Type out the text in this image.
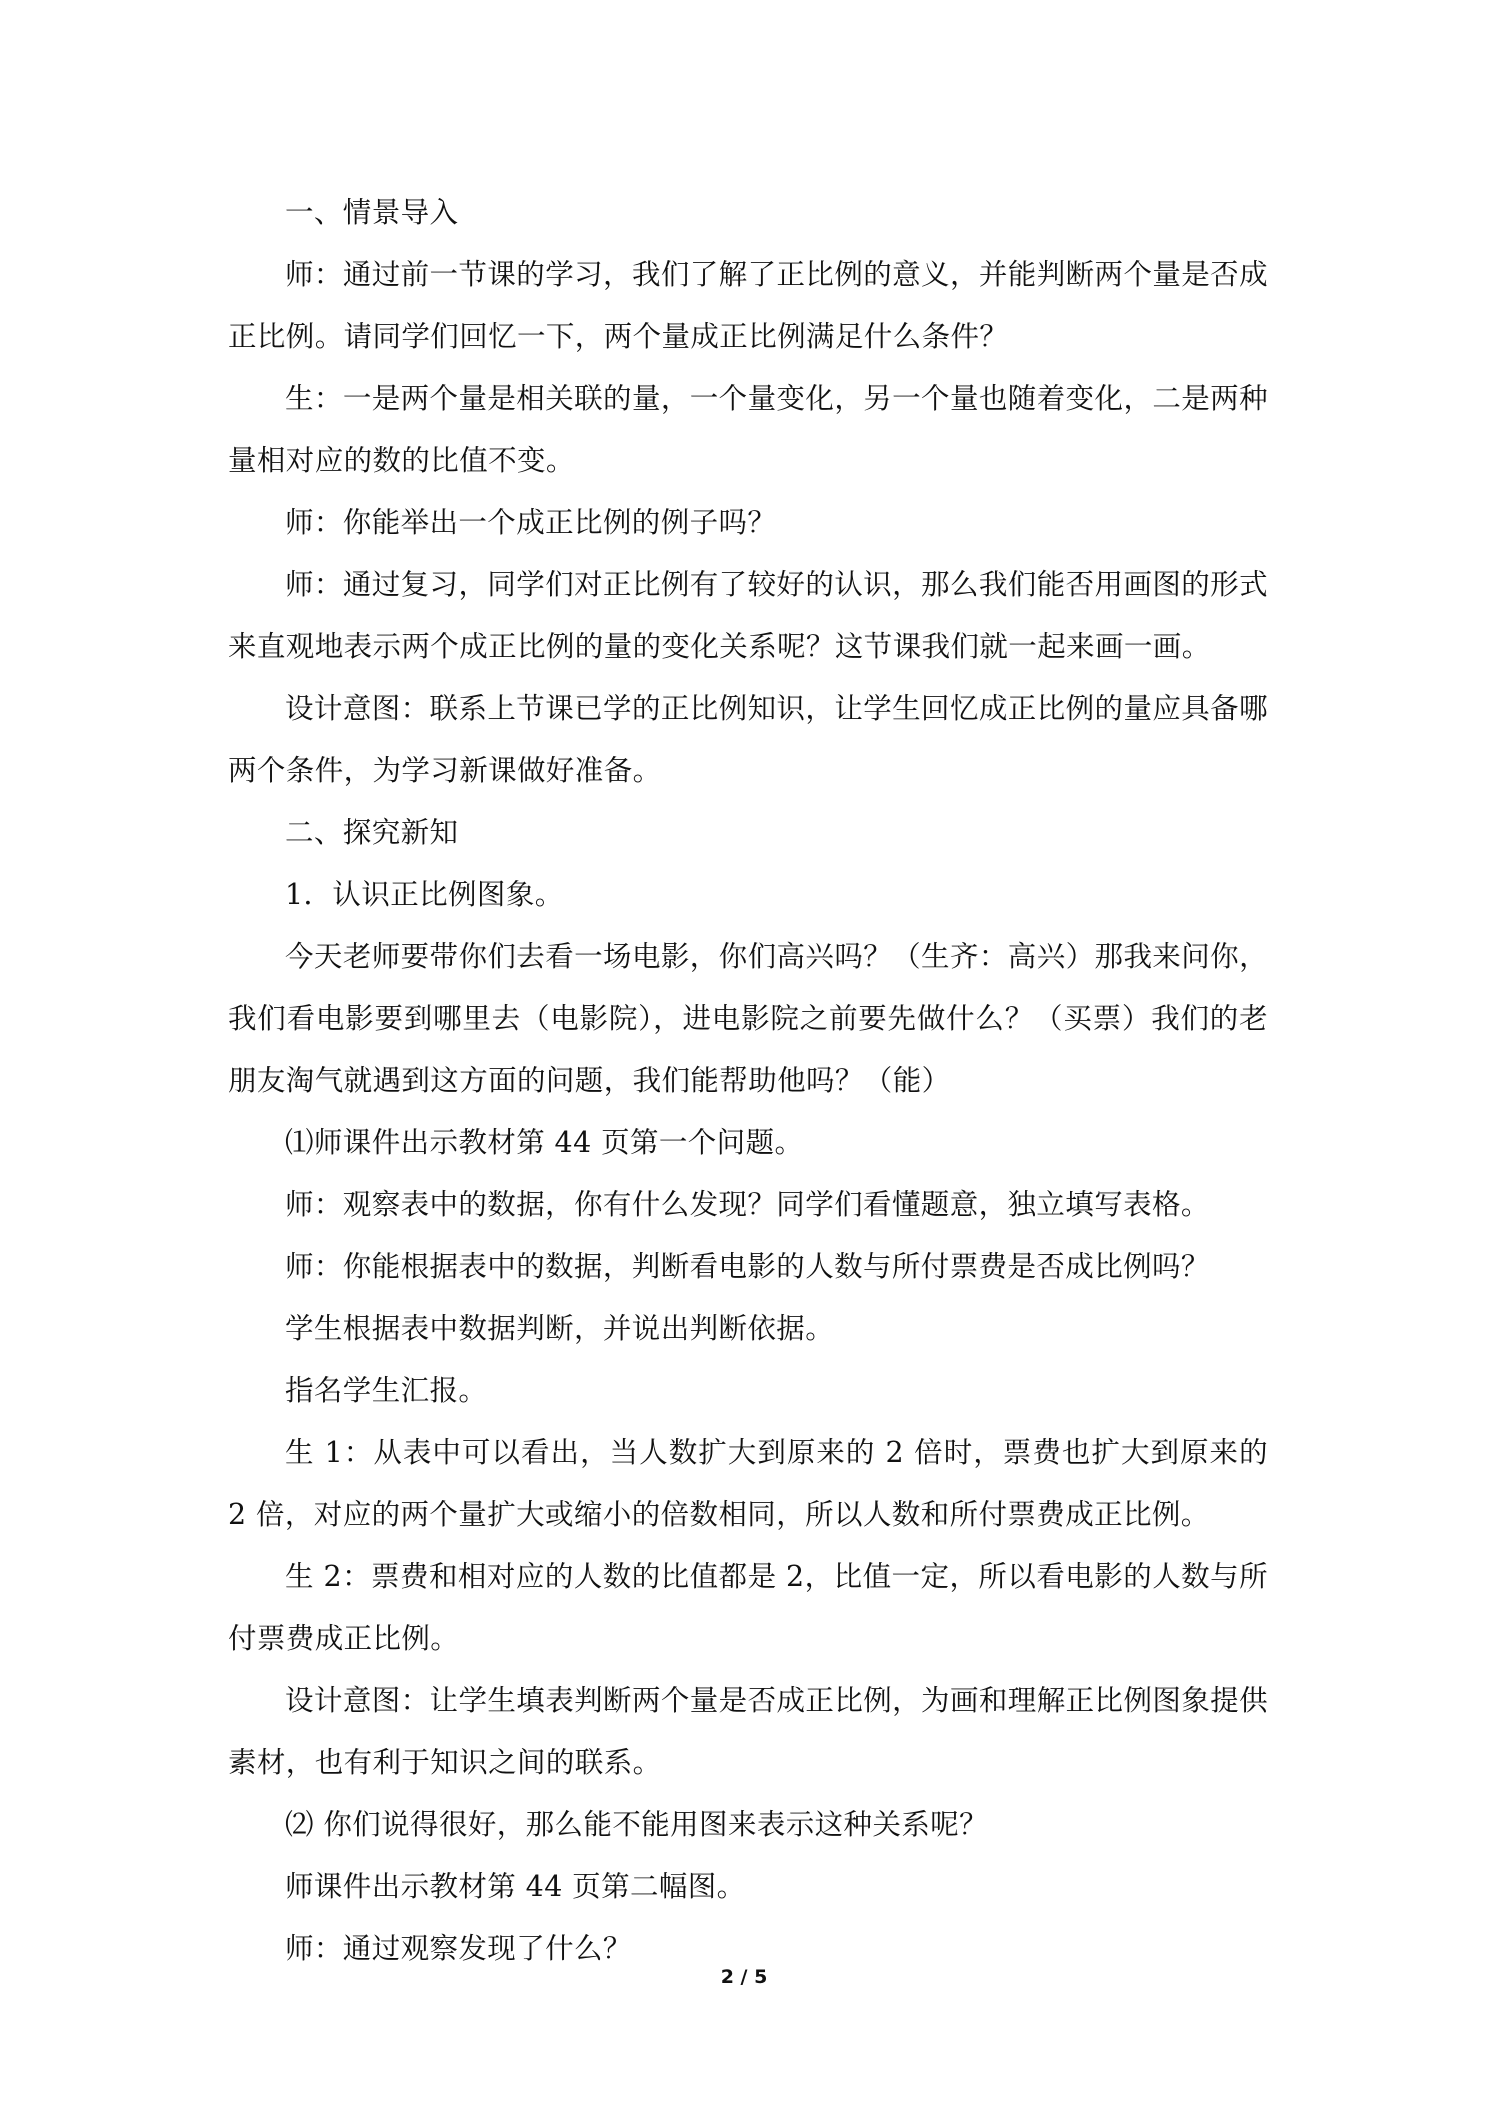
一、情景导入

师：通过前一节课的学习，我们了解了正比例的意义，并能判断两个量是否成正比例。请同学们回忆一下，两个量成正比例满足什么条件？

生：一是两个量是相关联的量，一个量变化，另一个量也随着变化，二是两种量相对应的数的比值不变。

师：你能举出一个成正比例的例子吗？

师：通过复习，同学们对正比例有了较好的认识，那么我们能否用画图的形式来直观地表示两个成正比例的量的变化关系呢？这节课我们就一起来画一画。

设计意图：联系上节课已学的正比例知识，让学生回忆成正比例的量应具备哪两个条件，为学习新课做好准备。

二、探究新知

1．认识正比例图象。

今天老师要带你们去看一场电影，你们高兴吗？（生齐：高兴）那我来问你，我们看电影要到哪里去（电影院），进电影院之前要先做什么？（买票）我们的老朋友淘气就遇到这方面的问题，我们能帮助他吗？（能）

⑴师课件出示教材第 44 页第一个问题。

师：观察表中的数据，你有什么发现？同学们看懂题意，独立填写表格。

师：你能根据表中的数据，判断看电影的人数与所付票费是否成比例吗？

学生根据表中数据判断，并说出判断依据。

指名学生汇报。

生 1：从表中可以看出，当人数扩大到原来的 2 倍时，票费也扩大到原来的 2 倍，对应的两个量扩大或缩小的倍数相同，所以人数和所付票费成正比例。

生 2：票费和相对应的人数的比值都是 2，比值一定，所以看电影的人数与所付票费成正比例。

设计意图：让学生填表判断两个量是否成正比例，为画和理解正比例图象提供素材，也有利于知识之间的联系。

⑵ 你们说得很好，那么能不能用图来表示这种关系呢？

师课件出示教材第 44 页第二幅图。

师：通过观察发现了什么？

2 / 5
